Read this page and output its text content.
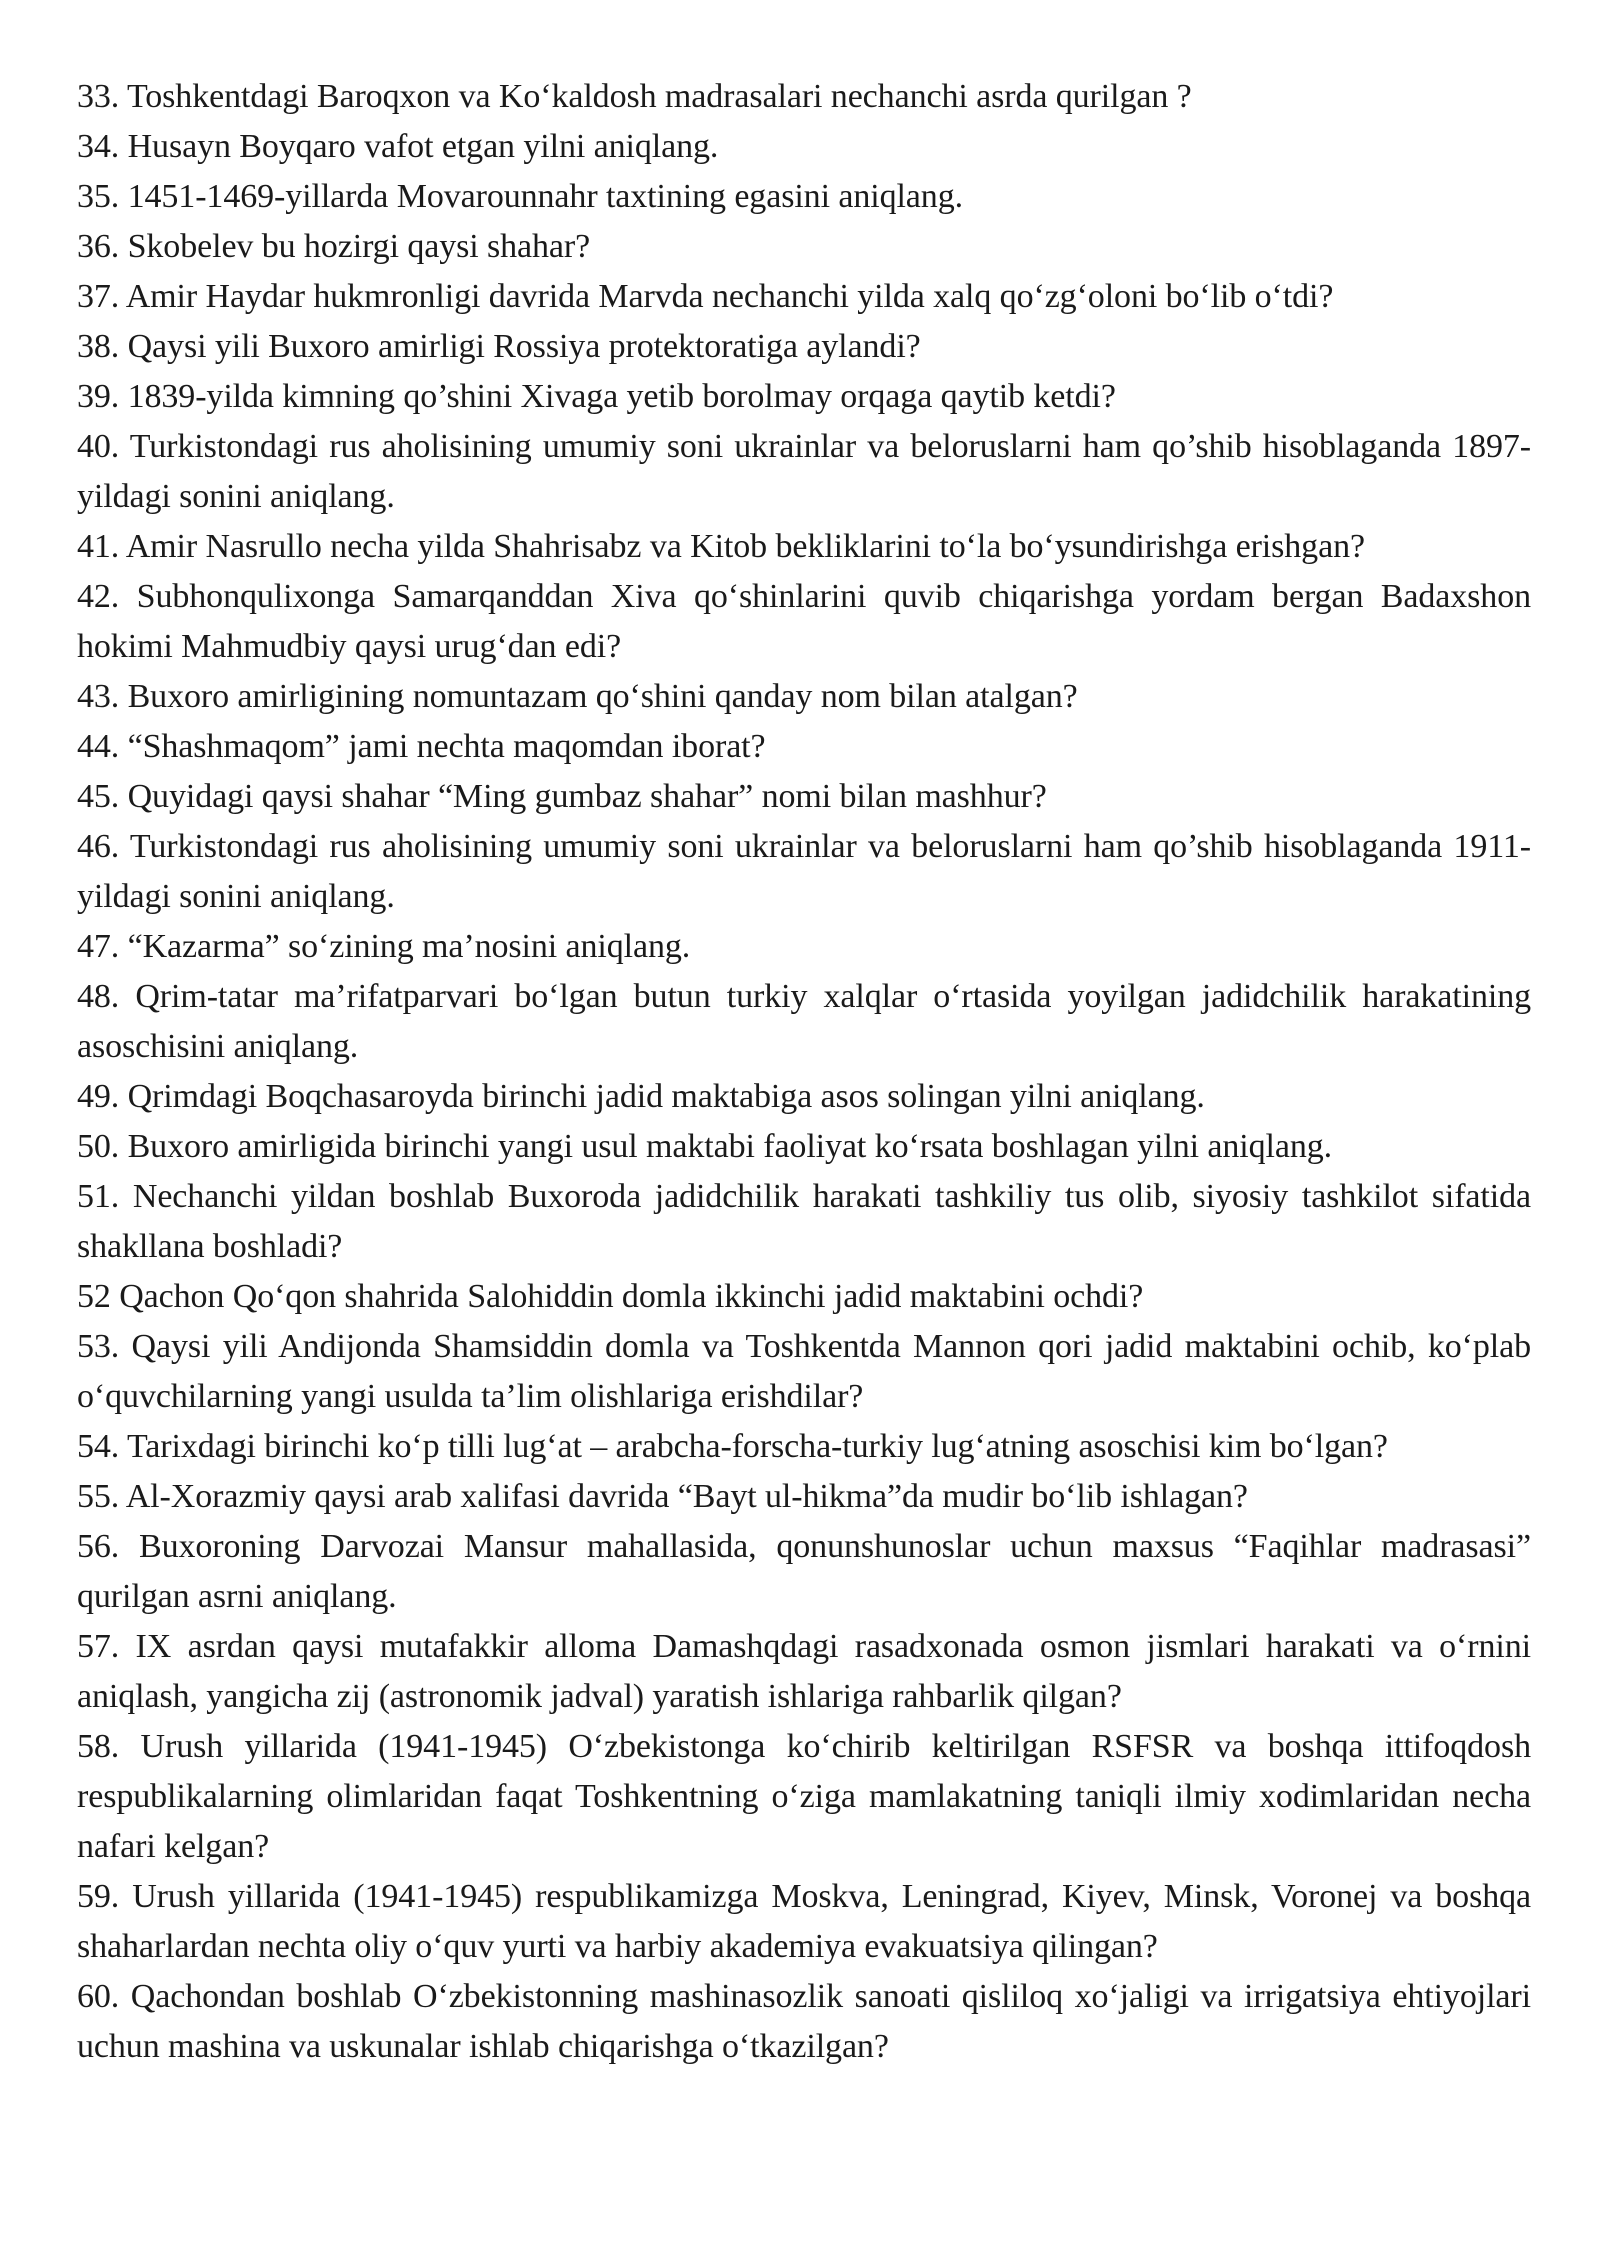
33. Toshkentdagi Baroqxon va Ko‘kaldosh madrasalari nechanchi asrda qurilgan ?

34. Husayn Boyqaro vafot etgan yilni aniqlang.

35. 1451-1469-yillarda Movarounnahr taxtining egasini aniqlang.

36. Skobelev bu hozirgi qaysi shahar?

37. Amir Haydar hukmronligi davrida Marvda nechanchi yilda xalq qo‘zg‘oloni bo‘lib o‘tdi?

38. Qaysi yili Buxoro amirligi Rossiya protektoratiga aylandi?

39. 1839-yilda kimning qo’shini Xivaga yetib borolmay orqaga qaytib ketdi?

40. Turkistondagi rus aholisining umumiy soni ukrainlar va beloruslarni ham qo’shib hisoblaganda 1897-yildagi sonini aniqlang.

41. Amir Nasrullo necha yilda Shahrisabz va Kitob bekliklarini to‘la bo‘ysundirishga erishgan?

42. Subhonqulixonga Samarqanddan Xiva qo‘shinlarini quvib chiqarishga yordam bergan Badaxshon hokimi Mahmudbiy qaysi urug‘dan edi?

43. Buxoro amirligining nomuntazam qo‘shini qanday nom bilan atalgan?

44. “Shashmaqom” jami nechta maqomdan iborat?

45. Quyidagi qaysi shahar “Ming gumbaz shahar” nomi bilan mashhur?

46. Turkistondagi rus aholisining umumiy soni ukrainlar va beloruslarni ham qo’shib hisoblaganda 1911-yildagi sonini aniqlang.

47. “Kazarma” so‘zining ma’nosini aniqlang.

48. Qrim-tatar ma’rifatparvari bo‘lgan butun turkiy xalqlar o‘rtasida yoyilgan jadidchilik harakatining asoschisini aniqlang.

49. Qrimdagi Boqchasaroyda birinchi jadid maktabiga asos solingan yilni aniqlang.

50. Buxoro amirligida birinchi yangi usul maktabi faoliyat ko‘rsata boshlagan yilni aniqlang.

51. Nechanchi yildan boshlab Buxoroda jadidchilik harakati tashkiliy tus olib, siyosiy tashkilot sifatida shakllana boshladi?

52 Qachon Qo‘qon shahrida Salohiddin domla ikkinchi jadid maktabini ochdi?

53. Qaysi yili Andijonda Shamsiddin domla va Toshkentda Mannon qori jadid maktabini ochib, ko‘plab o‘quvchilarning yangi usulda ta’lim olishlariga erishdilar?

54. Tarixdagi birinchi ko‘p tilli lug‘at – arabcha-forscha-turkiy lug‘atning asoschisi kim bo‘lgan?

55. Al-Xorazmiy qaysi arab xalifasi davrida “Bayt ul-hikma”da mudir bo‘lib ishlagan?

56. Buxoroning Darvozai Mansur mahallasida, qonunshunoslar uchun maxsus “Faqihlar madrasasi” qurilgan asrni aniqlang.

57. IX asrdan qaysi mutafakkir alloma Damashqdagi rasadxonada osmon jismlari harakati va o‘rnini aniqlash, yangicha zij (astronomik jadval) yaratish ishlariga rahbarlik qilgan?

58. Urush yillarida (1941-1945) O‘zbekistonga ko‘chirib keltirilgan RSFSR va boshqa ittifoqdosh respublikalarning olimlaridan faqat Toshkentning o‘ziga mamlakatning taniqli ilmiy xodimlaridan necha nafari kelgan?

59. Urush yillarida (1941-1945) respublikamizga Moskva, Leningrad, Kiyev, Minsk, Voronej va boshqa shaharlardan nechta oliy o‘quv yurti va harbiy akademiya evakuatsiya qilingan?

60. Qachondan boshlab O‘zbekistonning mashinasozlik sanoati qisliloq xo‘jaligi va irrigatsiya ehtiyojlari uchun mashina va uskunalar ishlab chiqarishga o‘tkazilgan?
